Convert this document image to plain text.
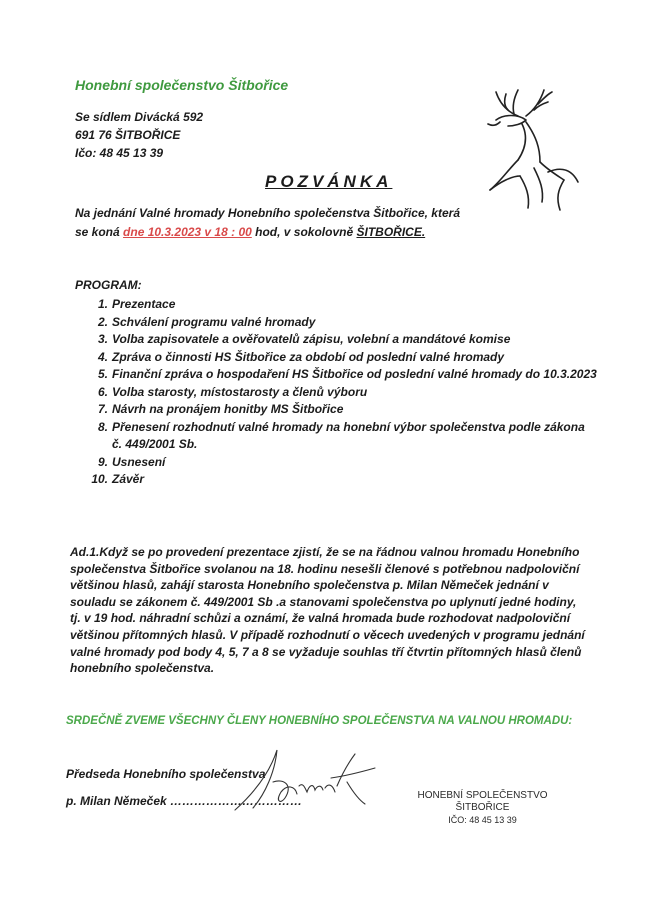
Honební společenstvo Šitbořice
Se sídlem Divácká 592
691 76 ŠITBOŘICE
Ič​o: 48 45 13 39
POZVÁNKA
Na jednání Valné hromady Honebního společenstva Šitbořice, která
se koná dne 10.3.2023 v 18 : 00 hod, v sokolovně ŠITBOŘICE.
PROGRAM:
1. Prezentace
2. Schválení programu valné hromady
3. Volba zapisovatele a ověřovatelů zápisu, volební a mandátové komise
4. Zpráva o činnosti HS Šitbořice za období od poslední valné hromady
5. Finanční zpráva o hospodaření HS Šitbořice od poslední valné hromady do 10.3.2023
6. Volba starosty, místostarosty a členů výboru
7. Návrh na pronájem honitby MS Šitbořice
8. Přenesení rozhodnutí valné hromady na honební výbor společenstva podle zákona
č. 449/2001 Sb.
9. Usnesení
10. Závěr

Ad.1.Když se po provedení prezentace zjistí, že se na řádnou valnou hromadu Honebního společenstva Šitbořice svolanou na 18. hodinu nesešli členové s potřebnou nadpoloviční většinou hlasů, zahájí starosta Honebního společenstva p. Milan Němeček jednání v souladu se zákonem č. 449/2001 Sb .a stanovami společenstva po uplynutí jedné hodiny, tj. v 19 hod. náhradní schůzi a oznámí, že valná hromada bude rozhodovat nadpoloviční většinou přítomných hlasů. V případě rozhodnutí o věcech uvedených v programu jednání valné hromady pod body 4, 5, 7 a 8 se vyžaduje souhlas tří čtvrtin přítomných hlasů členů honebního společenstva.

SRDEČNĚ ZVEME VŠECHNY ČLENY HONEBNÍHO SPOLEČENSTVA NA VALNOU HROMADU:
Předseda Honebního společenstva
p. Milan Němeček ……………………………	HONEBNÍ SPOLEČENSTVO
ŠITBOŘICE
IČO: 48 45 13 39
